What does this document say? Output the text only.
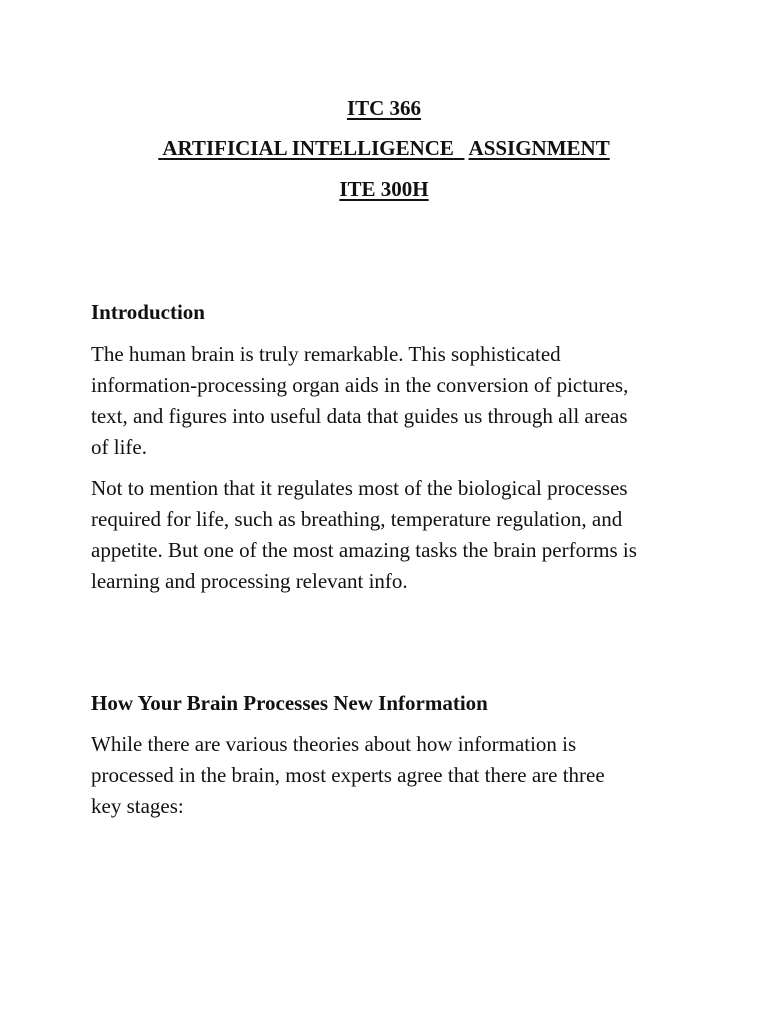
ITC 366
ARTIFICIAL INTELLIGENCE ASSIGNMENT
ITE 300H
Introduction
The human brain is truly remarkable. This sophisticated
information-processing organ aids in the conversion of pictures,
text, and figures into useful data that guides us through all areas
of life.
Not to mention that it regulates most of the biological processes
required for life, such as breathing, temperature regulation, and
appetite. But one of the most amazing tasks the brain performs is
learning and processing relevant info.
How Your Brain Processes New Information
While there are various theories about how information is
processed in the brain, most experts agree that there are three
key stages:
